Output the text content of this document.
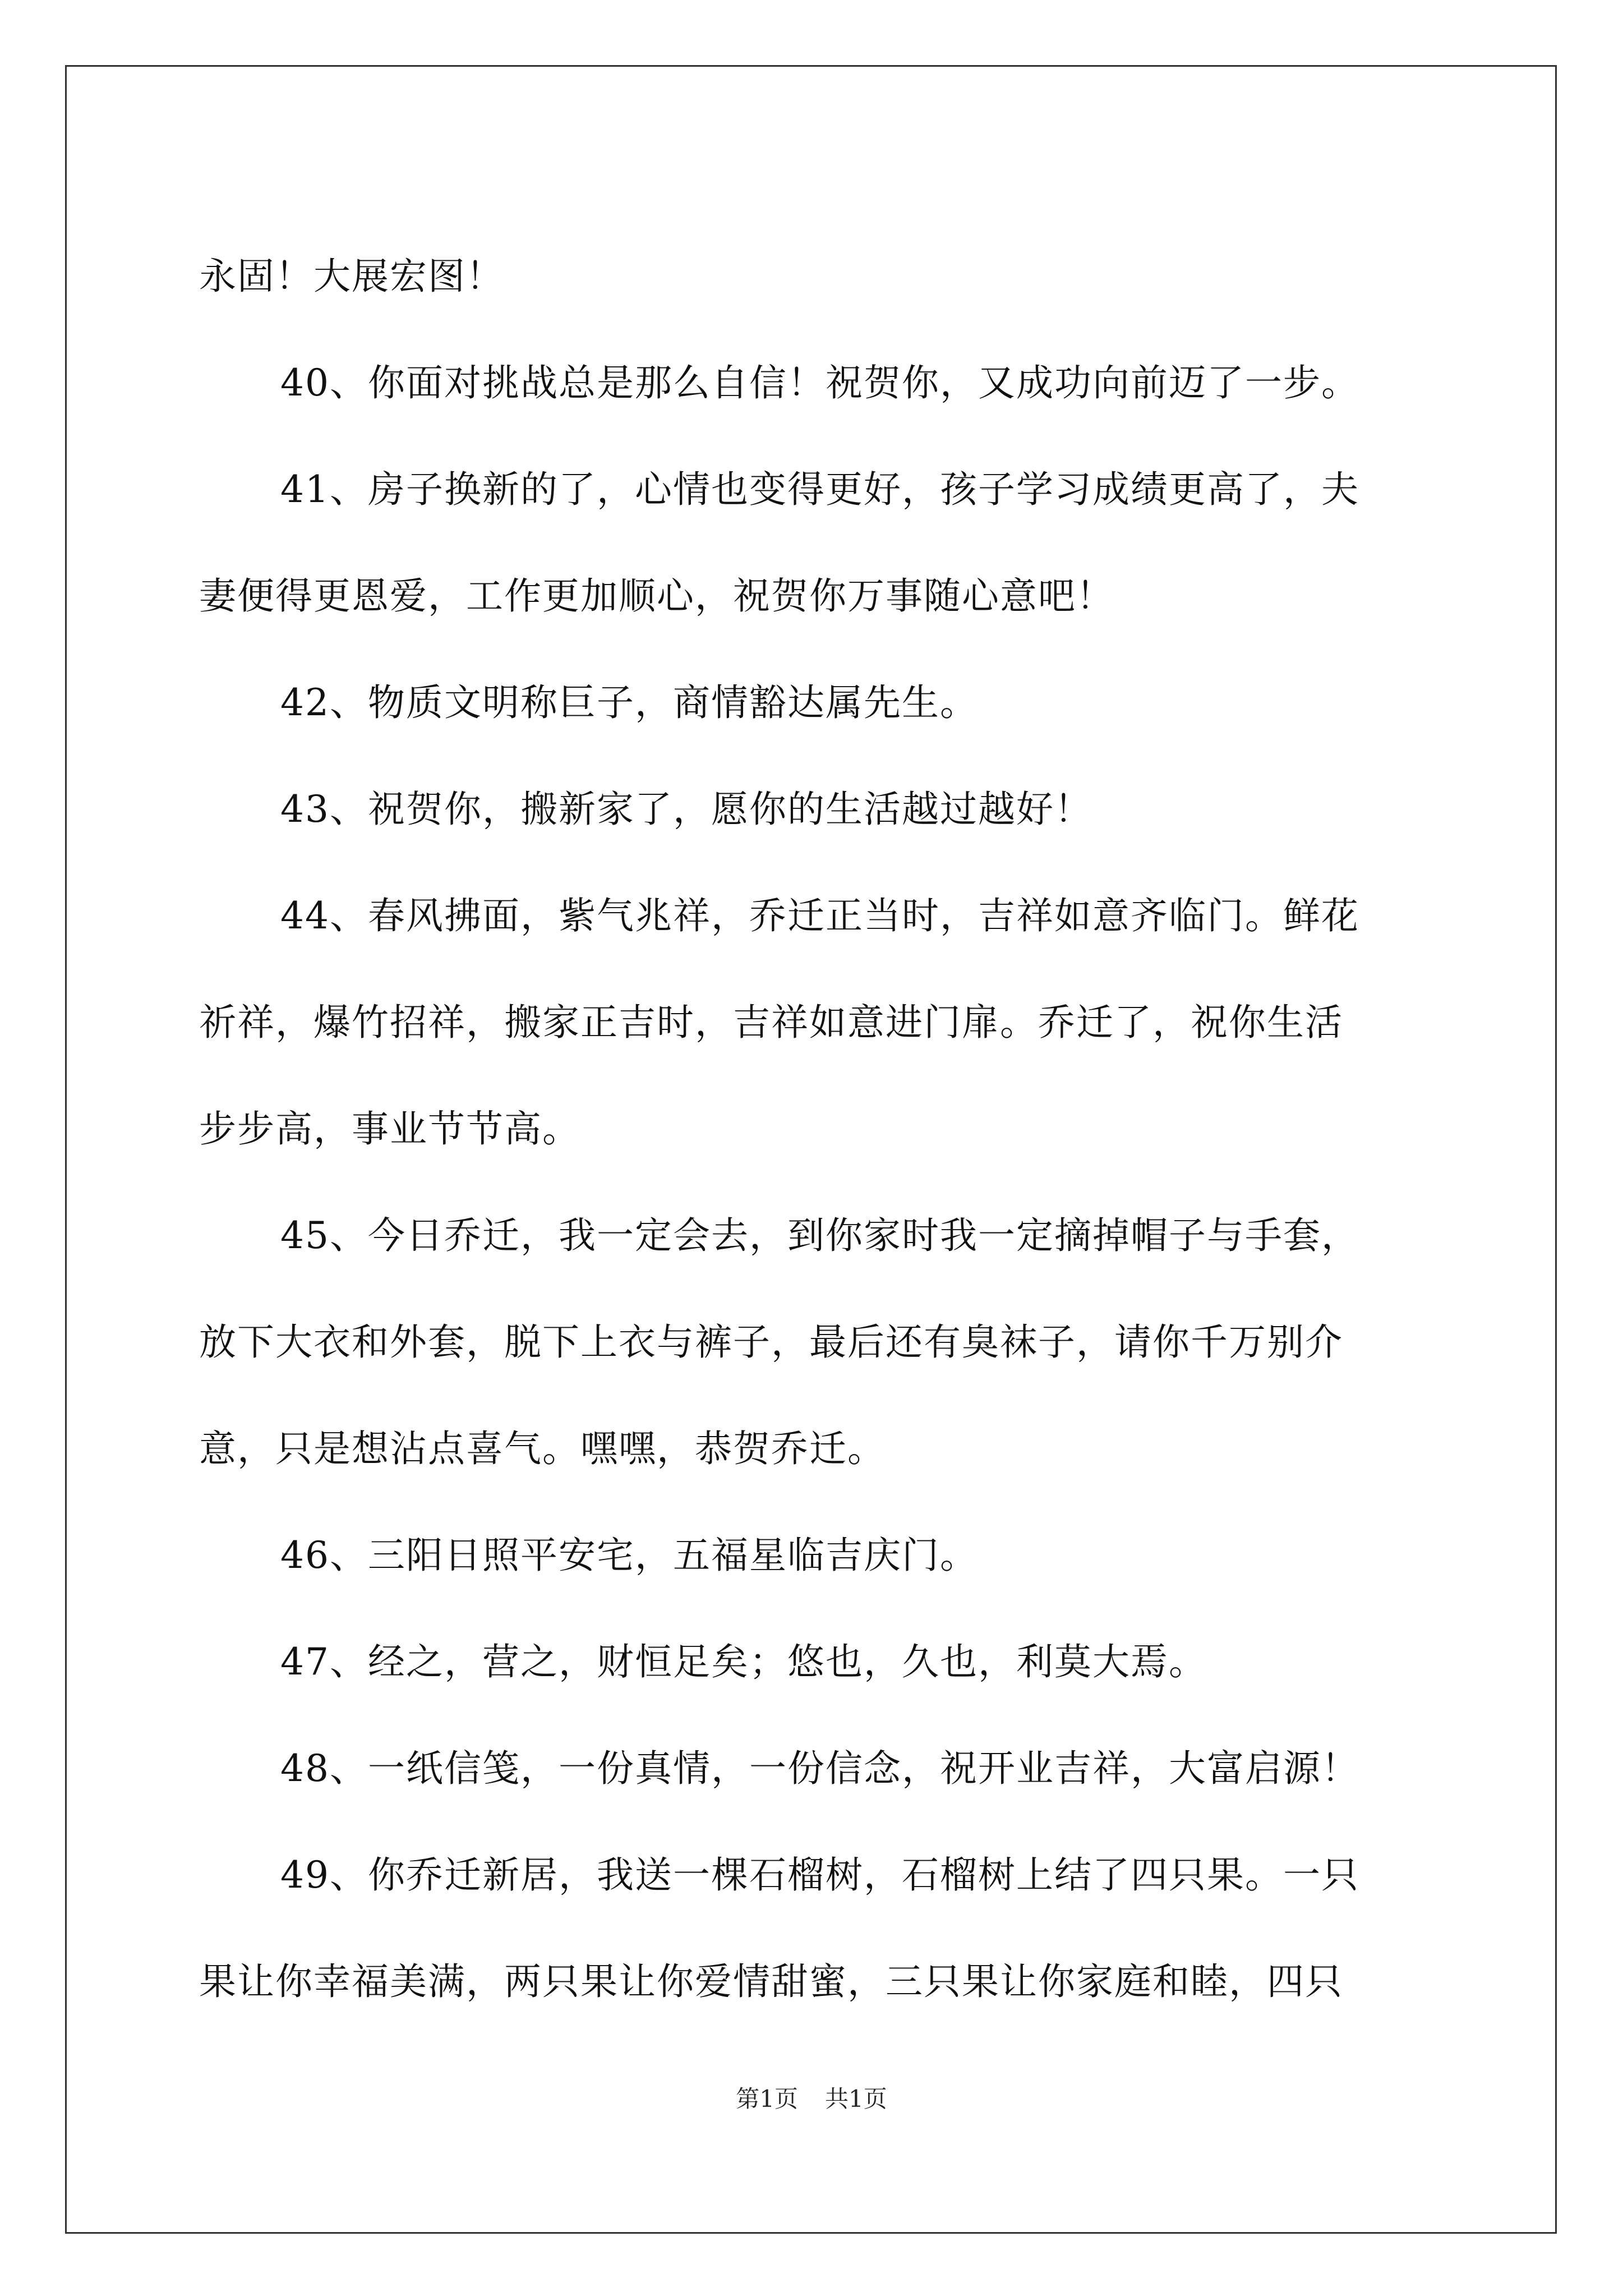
永固！大展宏图！
40、你面对挑战总是那么自信！祝贺你，又成功向前迈了一步。
41、房子换新的了，心情也变得更好，孩子学习成绩更高了，夫
妻便得更恩爱，工作更加顺心，祝贺你万事随心意吧！
42、物质文明称巨子，商情豁达属先生。
43、祝贺你，搬新家了，愿你的生活越过越好！
44、春风拂面，紫气兆祥，乔迁正当时，吉祥如意齐临门。鲜花
祈祥，爆竹招祥，搬家正吉时，吉祥如意进门扉。乔迁了，祝你生活
步步高，事业节节高。
45、今日乔迁，我一定会去，到你家时我一定摘掉帽子与手套，
放下大衣和外套，脱下上衣与裤子，最后还有臭袜子，请你千万别介
意，只是想沾点喜气。嘿嘿，恭贺乔迁。
46、三阳日照平安宅，五福星临吉庆门。
47、经之，营之，财恒足矣；悠也，久也，利莫大焉。
48、一纸信笺，一份真情，一份信念，祝开业吉祥，大富启源！
49、你乔迁新居，我送一棵石榴树，石榴树上结了四只果。一只
果让你幸福美满，两只果让你爱情甜蜜，三只果让你家庭和睦，四只
第1页 共1页
